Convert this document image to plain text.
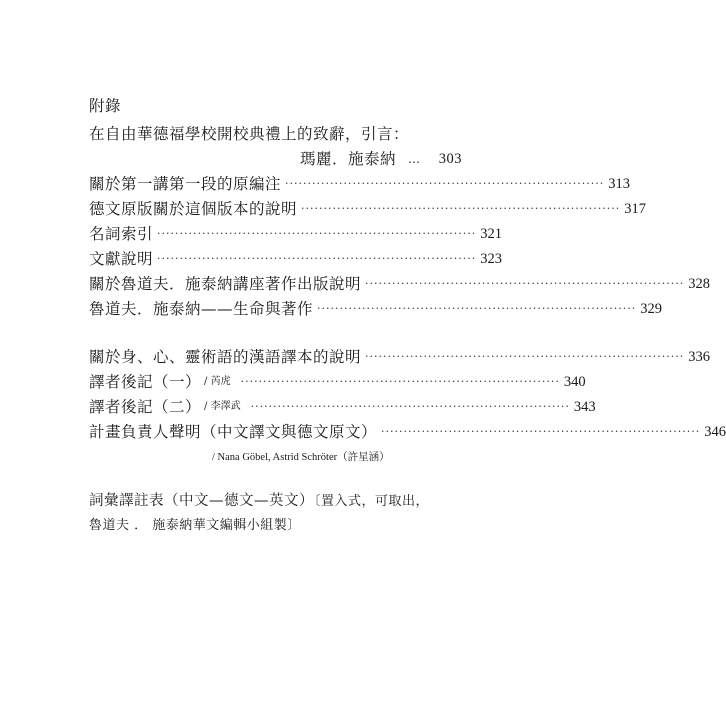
附錄
在自由華德福學校開校典禮上的致辭，引言：
瑪麗．施泰納 … 303
關於第一講第一段的原編注 ······································································· 313
德文原版關於這個版本的說明 ······································································· 317
名詞索引 ······································································· 321
文獻說明 ······································································· 323
關於魯道夫．施泰納講座著作出版說明 ······································································· 328
魯道夫．施泰納——生命與著作 ······································································· 329
關於身、心、靈術語的漢語譯本的說明 ······································································· 336
譯者後記（一） / 芮虎 ······································································· 340
譯者後記（二） / 李澤武 ······································································· 343
計畫負責人聲明（中文譯文與德文原文） ······································································· 346
/ Nana Göbel, Astrid Schröter（許星涵）
詞彙譯註表（中文—德文—英文）〔置入式，可取出，
魯道夫 ． 施泰納華文編輯小組製〕
